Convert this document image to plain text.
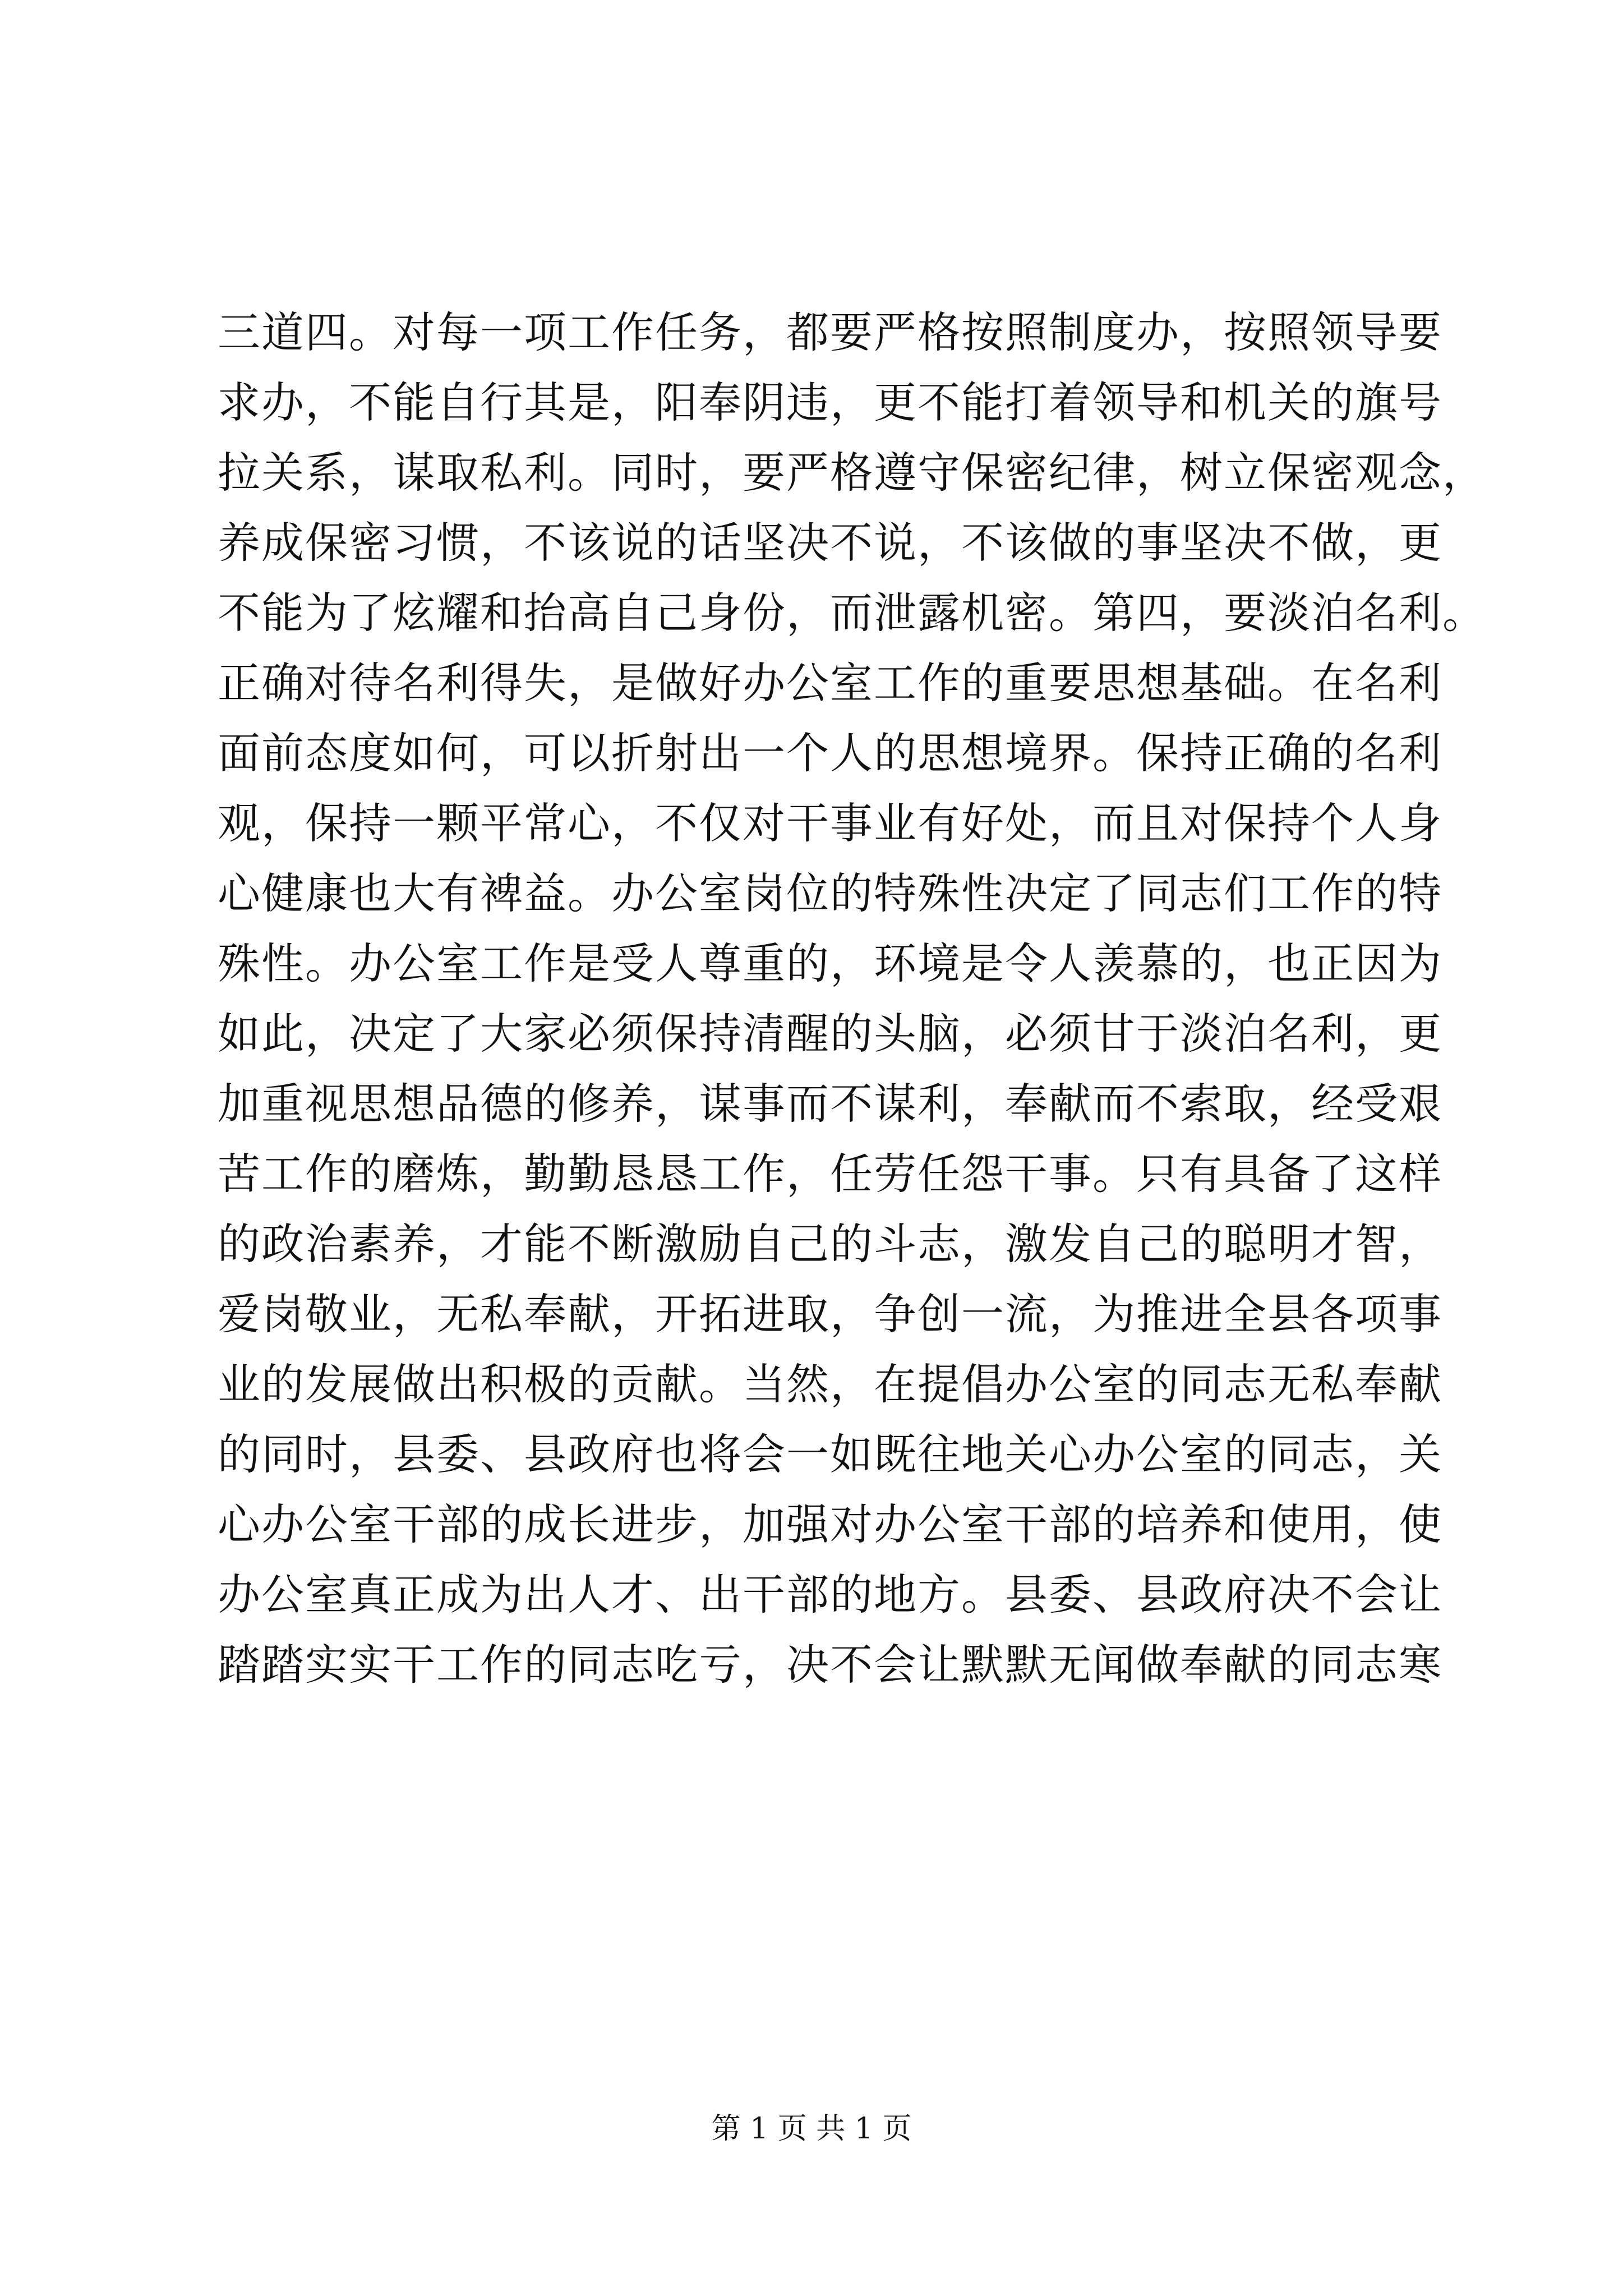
三道四。对每一项工作任务，都要严格按照制度办，按照领导要
求办，不能自行其是，阳奉阴违，更不能打着领导和机关的旗号
拉关系，谋取私利。同时，要严格遵守保密纪律，树立保密观念，
养成保密习惯，不该说的话坚决不说，不该做的事坚决不做，更
不能为了炫耀和抬高自己身份，而泄露机密。第四，要淡泊名利。
正确对待名利得失，是做好办公室工作的重要思想基础。在名利
面前态度如何，可以折射出一个人的思想境界。保持正确的名利
观，保持一颗平常心，不仅对干事业有好处，而且对保持个人身
心健康也大有裨益。办公室岗位的特殊性决定了同志们工作的特
殊性。办公室工作是受人尊重的，环境是令人羡慕的，也正因为
如此，决定了大家必须保持清醒的头脑，必须甘于淡泊名利，更
加重视思想品德的修养，谋事而不谋利，奉献而不索取，经受艰
苦工作的磨炼，勤勤恳恳工作，任劳任怨干事。只有具备了这样
的政治素养，才能不断激励自己的斗志，激发自己的聪明才智，
爱岗敬业，无私奉献，开拓进取，争创一流，为推进全县各项事
业的发展做出积极的贡献。当然，在提倡办公室的同志无私奉献
的同时，县委、县政府也将会一如既往地关心办公室的同志，关
心办公室干部的成长进步，加强对办公室干部的培养和使用，使
办公室真正成为出人才、出干部的地方。县委、县政府决不会让
踏踏实实干工作的同志吃亏，决不会让默默无闻做奉献的同志寒
第 1 页 共 1 页
